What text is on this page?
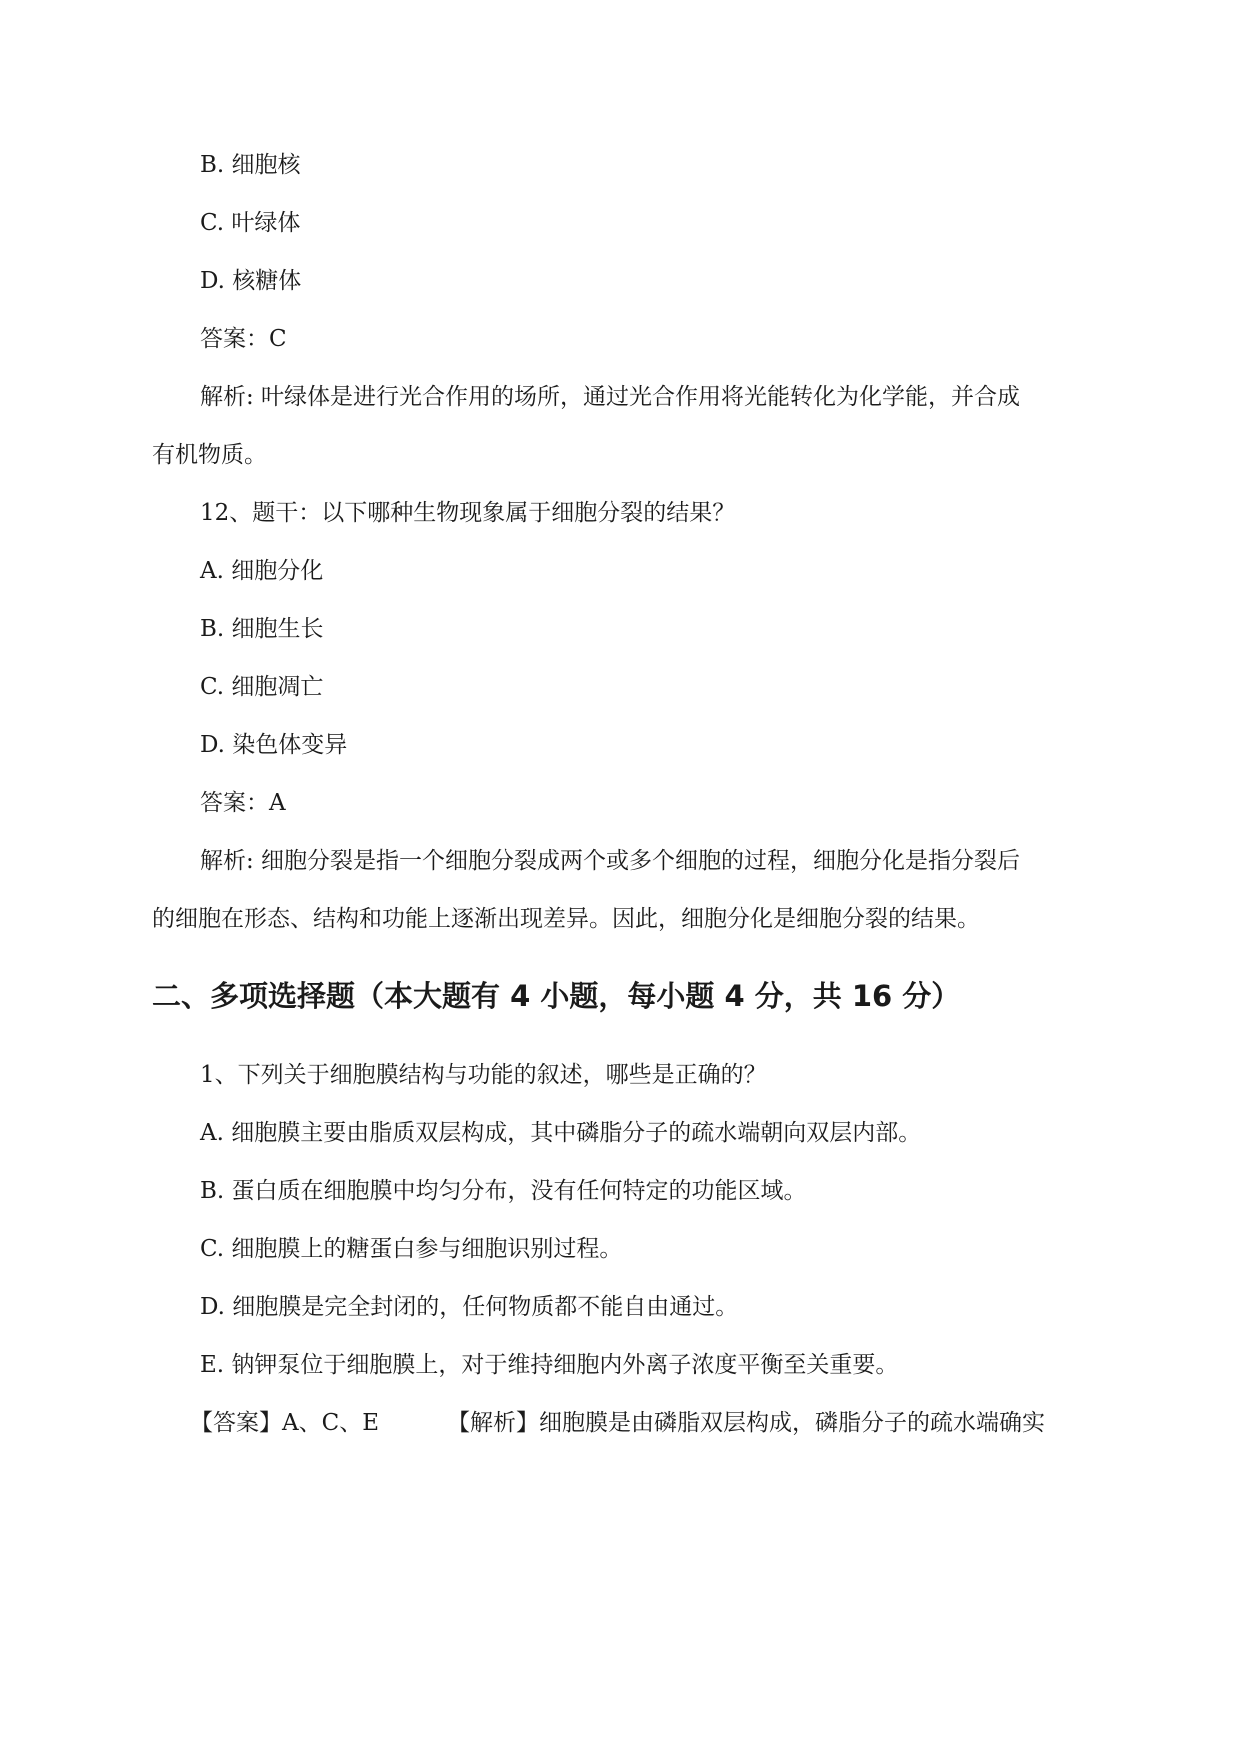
B. 细胞核
C. 叶绿体
D. 核糖体
答案：C
解析: 叶绿体是进行光合作用的场所，通过光合作用将光能转化为化学能，并合成
有机物质。
12、题干：以下哪种生物现象属于细胞分裂的结果？
A. 细胞分化
B. 细胞生长
C. 细胞凋亡
D. 染色体变异
答案：A
解析: 细胞分裂是指一个细胞分裂成两个或多个细胞的过程，细胞分化是指分裂后
的细胞在形态、结构和功能上逐渐出现差异。因此，细胞分化是细胞分裂的结果。
二、多项选择题（本大题有 4 小题，每小题 4 分，共 16 分）
1、下列关于细胞膜结构与功能的叙述，哪些是正确的？
A. 细胞膜主要由脂质双层构成，其中磷脂分子的疏水端朝向双层内部。
B. 蛋白质在细胞膜中均匀分布，没有任何特定的功能区域。
C. 细胞膜上的糖蛋白参与细胞识别过程。
D. 细胞膜是完全封闭的，任何物质都不能自由通过。
E. 钠钾泵位于细胞膜上，对于维持细胞内外离子浓度平衡至关重要。
【答案】A、C、E	【解析】细胞膜是由磷脂双层构成，磷脂分子的疏水端确实
